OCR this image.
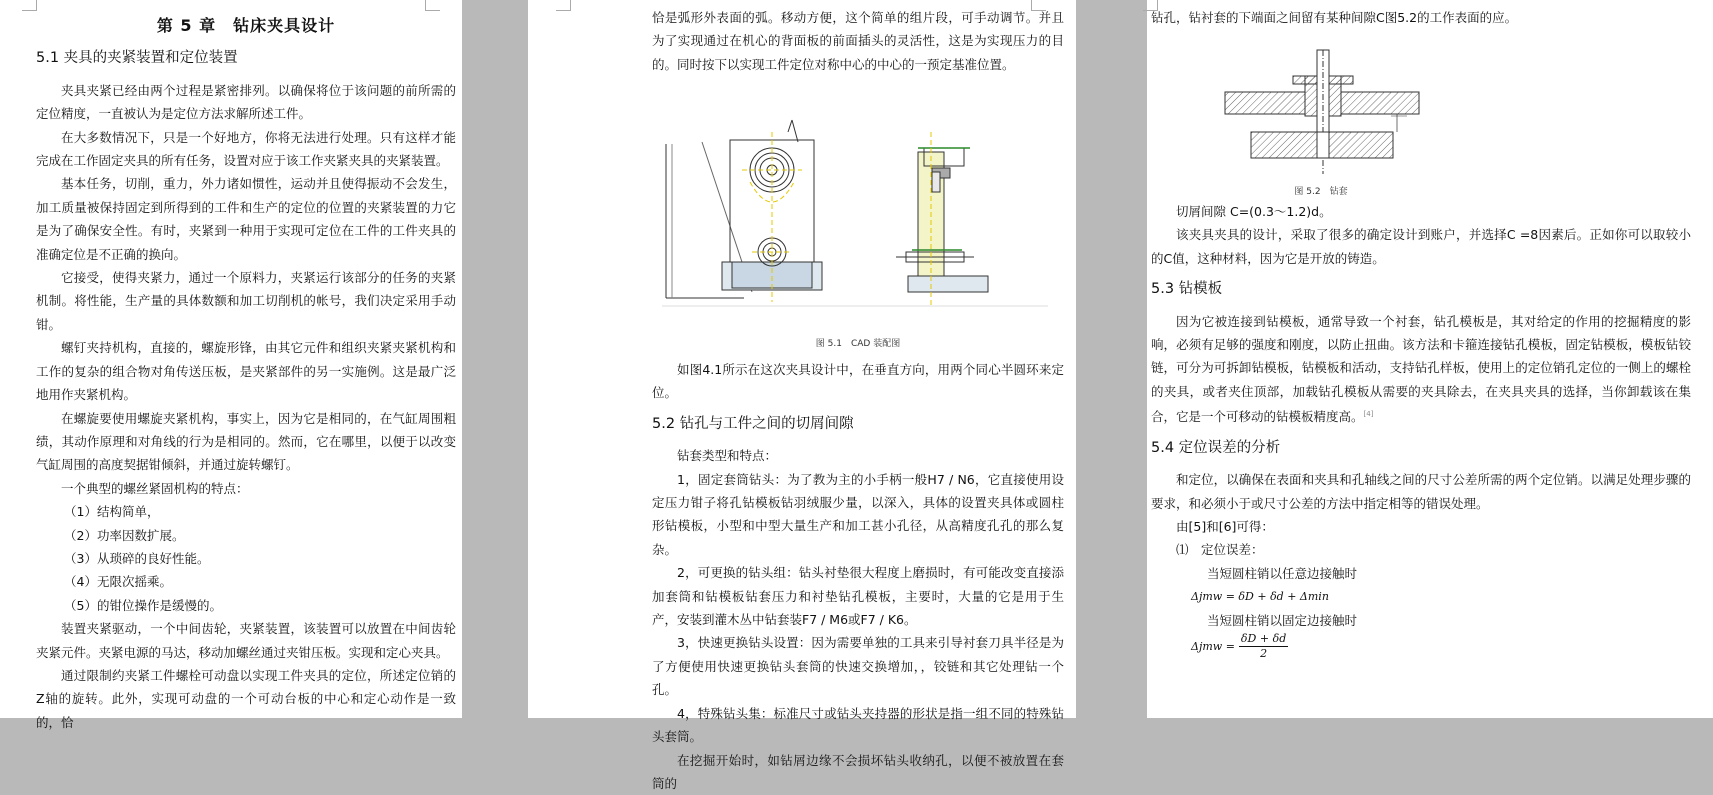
第 5 章　钻床夹具设计
5.1 夹具的夹紧装置和定位装置

夹具夹紧已经由两个过程是紧密排列。以确保将位于该问题的前所需的定位精度，一直被认为是定位方法求解所述工件。

在大多数情况下，只是一个好地方，你将无法进行处理。只有这样才能完成在工作固定夹具的所有任务，设置对应于该工作夹紧夹具的夹紧装置。

基本任务，切削，重力，外力诸如惯性，运动并且使得振动不会发生，加工质量被保持固定到所得到的工件和生产的定位的位置的夹紧装置的力它是为了确保安全性。有时，夹紧到一种用于实现可定位在工件的工件夹具的准确定位是不正确的换向。

它接受，使得夹紧力，通过一个原料力，夹紧运行该部分的任务的夹紧机制。将性能，生产量的具体数额和加工切削机的帐号，我们决定采用手动钳。

螺钉夹持机构，直接的，螺旋形锋，由其它元件和组织夹紧夹紧机构和工作的复杂的组合物对角传送压板，是夹紧部件的另一实施例。这是最广泛地用作夹紧机构。

在螺旋要使用螺旋夹紧机构，事实上，因为它是相同的，在气缸周围粗绩，其动作原理和对角线的行为是相同的。然而，它在哪里，以便于以改变气缸周围的高度契据钳倾斜，并通过旋转螺钉。

一个典型的螺丝紧固机构的特点：

（1）结构简单，

（2）功率因数扩展。

（3）从琐碎的良好性能。

（4）无限次摇乘。

（5）的钳位操作是缓慢的。

装置夹紧驱动，一个中间齿轮，夹紧装置，该装置可以放置在中间齿轮夹紧元件。夹紧电源的马达，移动加螺丝通过夹钳压板。实现和定心夹具。

通过限制约夹紧工件螺栓可动盘以实现工件夹具的定位，所述定位销的Z轴的旋转。此外，实现可动盘的一个可动台板的中心和定心动作是一致的，恰

恰是弧形外表面的弧。移动方便，这个简单的组片段，可手动调节。并且为了实现通过在机心的背面板的前面插头的灵活性，这是为实现压力的目的。同时按下以实现工件定位对称中心的中心的一预定基准位置。

图 5.1　CAD 装配图

如图4.1所示在这次夹具设计中，在垂直方向，用两个同心半圆环来定位。

5.2 钻孔与工件之间的切屑间隙

钻套类型和特点：

1，固定套筒钻头：为了教为主的小手柄一般H7 / N6，它直接使用设定压力钳子将孔钻模板钻羽绒服少量，以深入，具体的设置夹具体或圆柱形钻模板，小型和中型大量生产和加工甚小孔径，从高精度孔孔的那么复杂。

2，可更换的钻头组：钻头衬垫很大程度上磨损时，有可能改变直接添加套筒和钻模板钻套压力和衬垫钻孔模板，主要时，大量的它是用于生产，安装到灌木丛中钻套装F7 / M6或F7 / K6。

3，快速更换钻头设置：因为需要单独的工具来引导衬套刀具半径是为了方便使用快速更换钻头套筒的快速交换增加，，铰链和其它处理钻一个孔。

4，特殊钻头集：标准尺寸或钻头夹持器的形状是指一组不同的特殊钻头套筒。

在挖掘开始时，如钻屑边缘不会损坏钻头收纳孔，以便不被放置在套筒的

钻孔，钻衬套的下端面之间留有某种间隙C图5.2的工作表面的应。

图 5.2　钻套

切屑间隙 C=(0.3～1.2)d。

该夹具夹具的设计，采取了很多的确定设计到账户，并选择C =8因素后。正如你可以取较小的C值，这种材料，因为它是开放的铸造。

5.3 钻模板

因为它被连接到钻模板，通常导致一个衬套，钻孔模板是，其对给定的作用的挖掘精度的影响，必须有足够的强度和刚度，以防止扭曲。该方法和卡箍连接钻孔模板，固定钻模板，模板钻铰链，可分为可拆卸钻模板，钻模板和活动，支持钻孔样板，使用上的定位销孔定位的一侧上的螺栓的夹具，或者夹住顶部，加载钻孔模板从需要的夹具除去，在夹具夹具的选择，当你卸载该在集合，它是一个可移动的钻模板精度高。[4]

5.4 定位误差的分析

和定位，以确保在表面和夹具和孔轴线之间的尺寸公差所需的两个定位销。以满足处理步骤的要求，和必须小于或尺寸公差的方法中指定相等的错误处理。

由[5]和[6]可得：

⑴　定位误差：

当短圆柱销以任意边接触时

Δjmw = δD + δd + Δmin

当短圆柱销以固定边接触时

$\Delta jmw = \frac{\delta D + \delta d}{2}$
